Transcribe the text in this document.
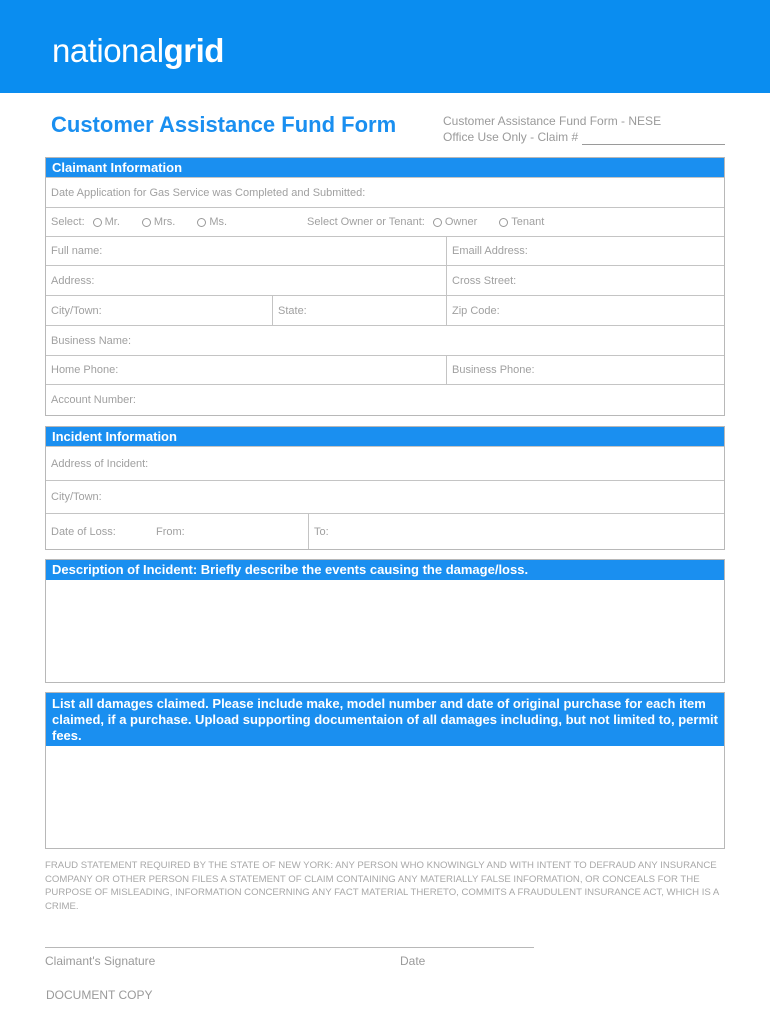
nationalgrid
Customer Assistance Fund Form	Customer Assistance Fund Form - NESE
Office Use Only - Claim #
Claimant Information
Date Application for Gas Service was Completed and Submitted:
Select:	Mr.	Mrs.	Ms.	Select Owner or Tenant:	Owner	Tenant
Full name:	Emaill Address:
Address:	Cross Street:
City/Town:	State:	Zip Code:
Business Name:
Home Phone:	Business Phone:
Account Number:
Incident Information
Address of Incident:
City/Town:
Date of Loss:	From:	To:
Description of Incident: Briefly describe the events causing the damage/loss.
List all damages claimed. Please include make, model number and date of original purchase for each item claimed, if a purchase. Upload supporting documentaion of all damages including, but not limited to, permit fees.
FRAUD STATEMENT REQUIRED BY THE STATE OF NEW YORK: ANY PERSON WHO KNOWINGLY AND WITH INTENT TO DEFRAUD ANY INSURANCE COMPANY OR OTHER PERSON FILES A STATEMENT OF CLAIM CONTAINING ANY MATERIALLY FALSE INFORMATION, OR CONCEALS FOR THE PURPOSE OF MISLEADING, INFORMATION CONCERNING ANY FACT MATERIAL THERETO, COMMITS A FRAUDULENT INSURANCE ACT, WHICH IS A CRIME.
Claimant's Signature	Date
DOCUMENT COPY
